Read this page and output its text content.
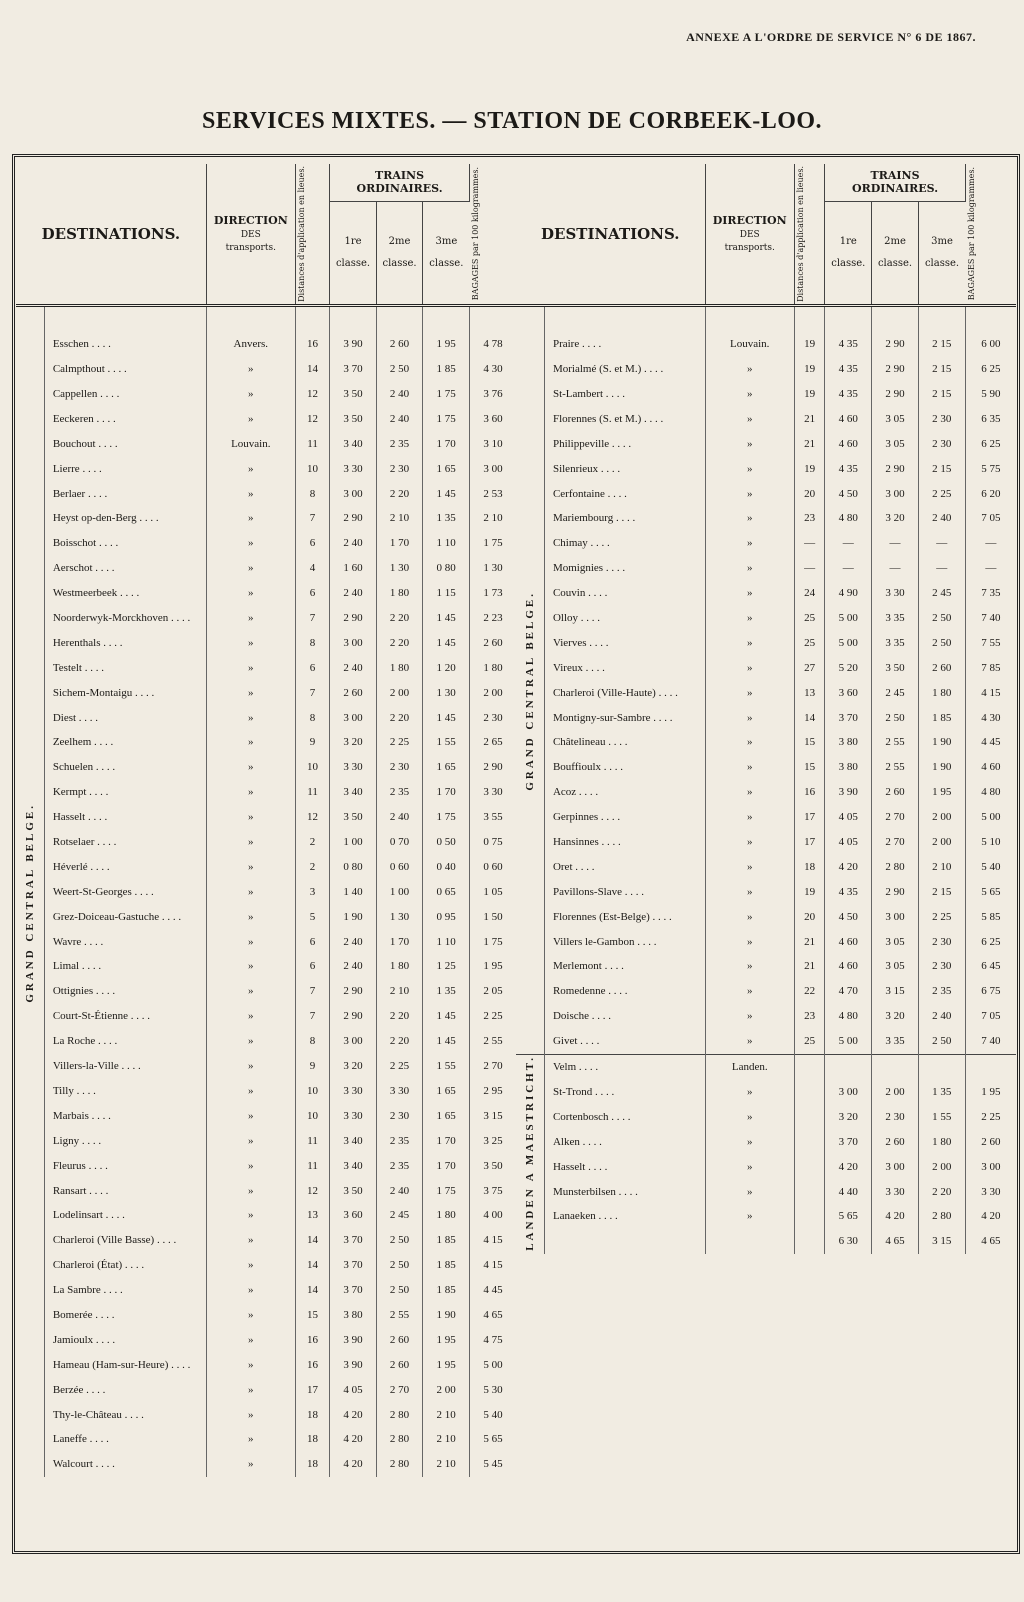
ANNEXE A L'ORDRE DE SERVICE N° 6 DE 1867.
SERVICES MIXTES. — STATION DE CORBEEK-LOO.
DESTINATIONS.		DIRECTION
DES
transports.	Distances d'application en lieues.	TRAINS ORDINAIRES.			BAGAGES par 100 kilogrammes.

				1re

classe.	2me

classe.	3me

classe.	

GRAND CENTRAL BELGE.	Esschen . . . .	Anvers.	16	3 90	2 60	1 95	4 78
	Calmpthout . . . .	»	14	3 70	2 50	1 85	4 30
	Cappellen . . . .	»	12	3 50	2 40	1 75	3 76
	Eeckeren . . . .	»	12	3 50	2 40	1 75	3 60
	Bouchout . . . .	Louvain.	11	3 40	2 35	1 70	3 10
	Lierre . . . .	»	10	3 30	2 30	1 65	3 00
	Berlaer . . . .	»	8	3 00	2 20	1 45	2 53
	Heyst op-den-Berg . . . .	»	7	2 90	2 10	1 35	2 10
	Boisschot . . . .	»	6	2 40	1 70	1 10	1 75
	Aerschot . . . .	»	4	1 60	1 30	0 80	1 30
	Westmeerbeek . . . .	»	6	2 40	1 80	1 15	1 73
	Noorderwyk-Morckhoven . . . .	»	7	2 90	2 20	1 45	2 23
	Herenthals . . . .	»	8	3 00	2 20	1 45	2 60
	Testelt . . . .	»	6	2 40	1 80	1 20	1 80
	Sichem-Montaigu . . . .	»	7	2 60	2 00	1 30	2 00
	Diest . . . .	»	8	3 00	2 20	1 45	2 30
	Zeelhem . . . .	»	9	3 20	2 25	1 55	2 65
	Schuelen . . . .	»	10	3 30	2 30	1 65	2 90
	Kermpt . . . .	»	11	3 40	2 35	1 70	3 30
	Hasselt . . . .	»	12	3 50	2 40	1 75	3 55
	Rotselaer . . . .	»	2	1 00	0 70	0 50	0 75
	Héverlé . . . .	»	2	0 80	0 60	0 40	0 60
	Weert-St-Georges . . . .	»	3	1 40	1 00	0 65	1 05
	Grez-Doiceau-Gastuche . . . .	»	5	1 90	1 30	0 95	1 50
	Wavre . . . .	»	6	2 40	1 70	1 10	1 75
	Limal . . . .	»	6	2 40	1 80	1 25	1 95
	Ottignies . . . .	»	7	2 90	2 10	1 35	2 05
	Court-St-Étienne . . . .	»	7	2 90	2 20	1 45	2 25
	La Roche . . . .	»	8	3 00	2 20	1 45	2 55
	Villers-la-Ville . . . .	»	9	3 20	2 25	1 55	2 70
	Tilly . . . .	»	10	3 30	3 30	1 65	2 95
	Marbais . . . .	»	10	3 30	2 30	1 65	3 15
	Ligny . . . .	»	11	3 40	2 35	1 70	3 25
	Fleurus . . . .	»	11	3 40	2 35	1 70	3 50
	Ransart . . . .	»	12	3 50	2 40	1 75	3 75
	Lodelinsart . . . .	»	13	3 60	2 45	1 80	4 00
	Charleroi (Ville Basse) . . . .	»	14	3 70	2 50	1 85	4 15
	Charleroi (État) . . . .	»	14	3 70	2 50	1 85	4 15
	La Sambre . . . .	»	14	3 70	2 50	1 85	4 45
	Bomerée . . . .	»	15	3 80	2 55	1 90	4 65
	Jamioulx . . . .	»	16	3 90	2 60	1 95	4 75
	Hameau (Ham-sur-Heure) . . . .	»	16	3 90	2 60	1 95	5 00
	Berzée . . . .	»	17	4 05	2 70	2 00	5 30
	Thy-le-Château . . . .	»	18	4 20	2 80	2 10	5 40
	Laneffe . . . .	»	18	4 20	2 80	2 10	5 65
	Walcourt . . . .	»	18	4 20	2 80	2 10	5 45
DESTINATIONS.		DIRECTION
DES
transports.	Distances d'application en lieues.	TRAINS ORDINAIRES.			BAGAGES par 100 kilogrammes.

				1re

classe.	2me

classe.	3me

classe.	

GRAND CENTRAL BELGE.	Praire . . . .	Louvain.	19	4 35	2 90	2 15	6 00
	Morialmé (S. et M.) . . . .	»	19	4 35	2 90	2 15	6 25
	St-Lambert . . . .	»	19	4 35	2 90	2 15	5 90
	Florennes (S. et M.) . . . .	»	21	4 60	3 05	2 30	6 35
	Philippeville . . . .	»	21	4 60	3 05	2 30	6 25
	Silenrieux . . . .	»	19	4 35	2 90	2 15	5 75
	Cerfontaine . . . .	»	20	4 50	3 00	2 25	6 20
	Mariembourg . . . .	»	23	4 80	3 20	2 40	7 05
	Chimay . . . .	»	—	—	—	—	—
	Momignies . . . .	»	—	—	—	—	—
	Couvin . . . .	»	24	4 90	3 30	2 45	7 35
	Olloy . . . .	»	25	5 00	3 35	2 50	7 40
	Vierves . . . .	»	25	5 00	3 35	2 50	7 55
	Vireux . . . .	»	27	5 20	3 50	2 60	7 85
	Charleroi (Ville-Haute) . . . .	»	13	3 60	2 45	1 80	4 15
	Montigny-sur-Sambre . . . .	»	14	3 70	2 50	1 85	4 30
	Châtelineau . . . .	»	15	3 80	2 55	1 90	4 45
	Bouffioulx . . . .	»	15	3 80	2 55	1 90	4 60
	Acoz . . . .	»	16	3 90	2 60	1 95	4 80
	Gerpinnes . . . .	»	17	4 05	2 70	2 00	5 00
	Hansinnes . . . .	»	17	4 05	2 70	2 00	5 10
	Oret . . . .	»	18	4 20	2 80	2 10	5 40
	Pavillons-Slave . . . .	»	19	4 35	2 90	2 15	5 65
	Florennes (Est-Belge) . . . .	»	20	4 50	3 00	2 25	5 85
	Villers le-Gambon . . . .	»	21	4 60	3 05	2 30	6 25
	Merlemont . . . .	»	21	4 60	3 05	2 30	6 45
	Romedenne . . . .	»	22	4 70	3 15	2 35	6 75
	Doische . . . .	»	23	4 80	3 20	2 40	7 05
	Givet . . . .	»	25	5 00	3 35	2 50	7 40
LANDEN A MAESTRICHT.	Velm . . . .	Landen.					
	St-Trond . . . .	»		3 00	2 00	1 35	1 95
	Cortenbosch . . . .	»		3 20	2 30	1 55	2 25
	Alken . . . .	»		3 70	2 60	1 80	2 60
	Hasselt . . . .	»		4 20	3 00	2 00	3 00
	Munsterbilsen . . . .	»		4 40	3 30	2 20	3 30
	Lanaeken . . . .	»		5 65	4 20	2 80	4 20
				6 30	4 65	3 15	4 65
